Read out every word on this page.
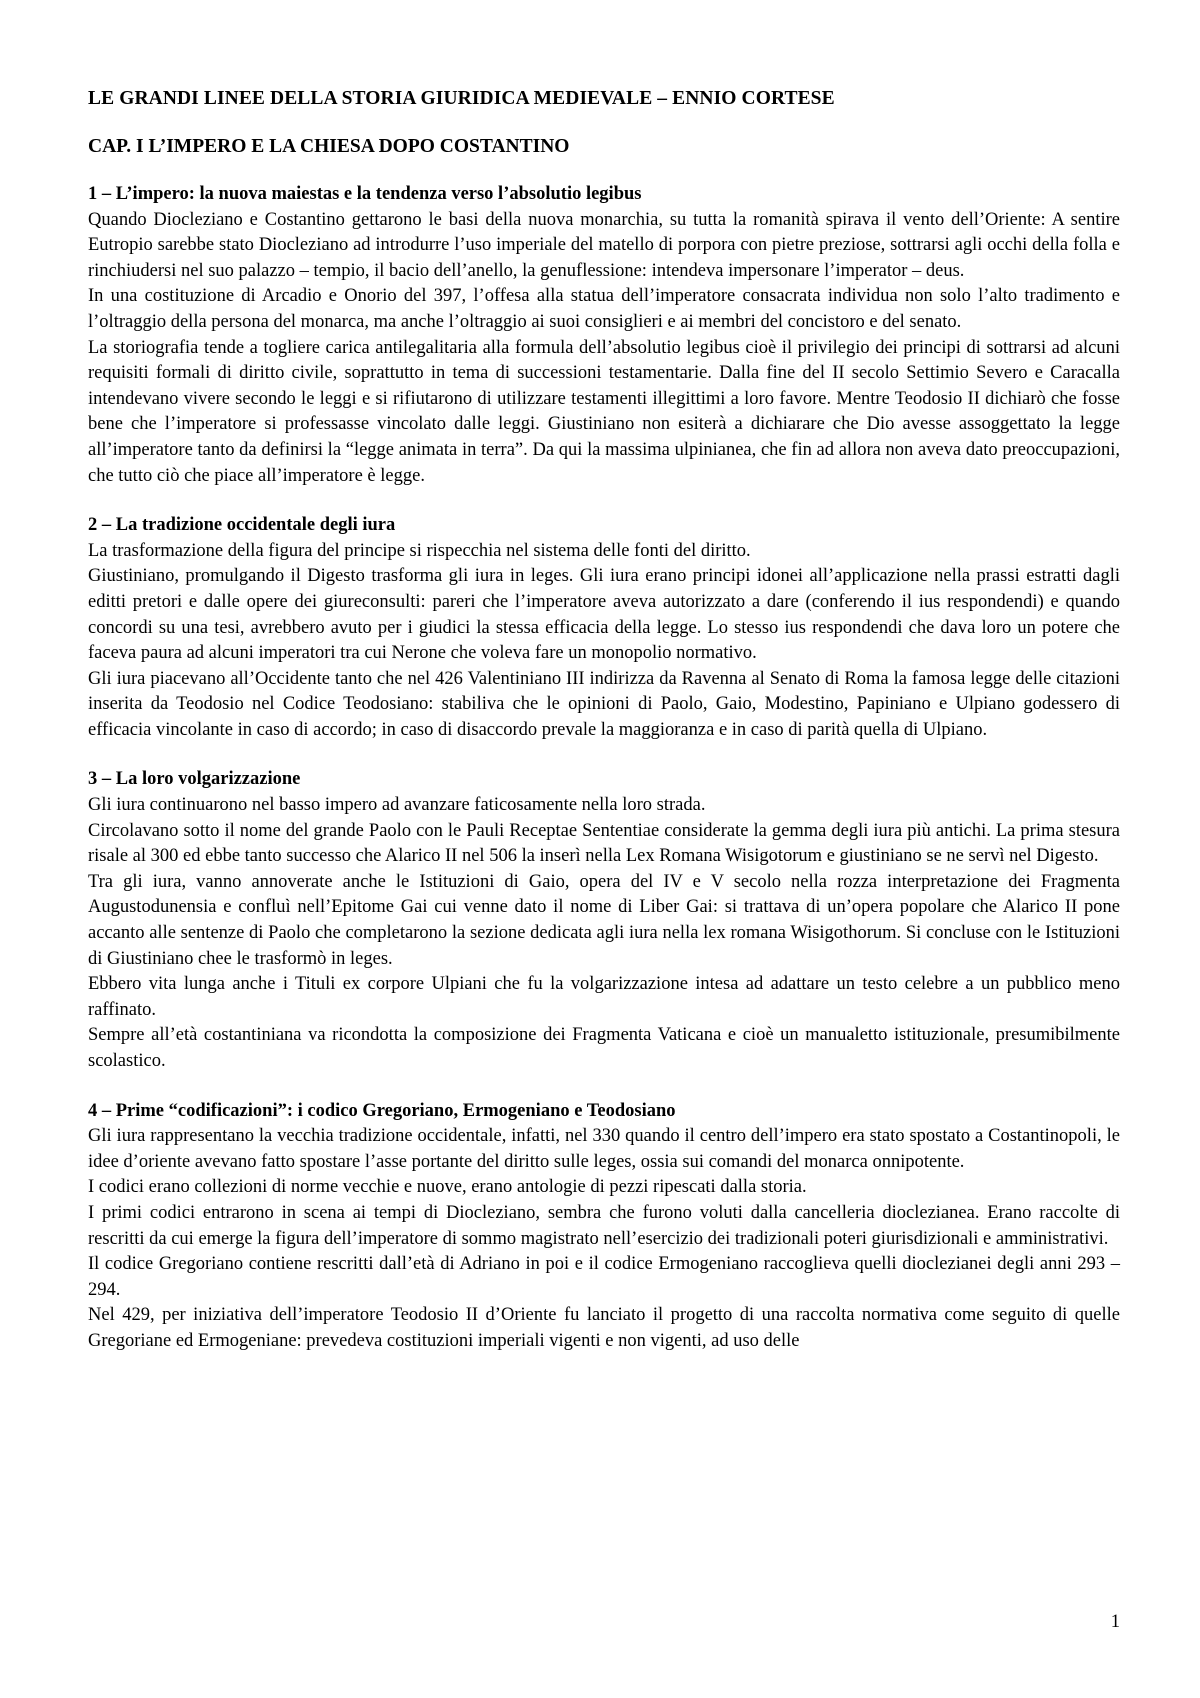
LE GRANDI LINEE DELLA STORIA GIURIDICA MEDIEVALE – ENNIO CORTESE
CAP. I L’IMPERO E LA CHIESA DOPO COSTANTINO
1 – L’impero: la nuova maiestas e la tendenza verso l’absolutio legibus

Quando Diocleziano e Costantino gettarono le basi della nuova monarchia, su tutta la romanità spirava il vento dell’Oriente: A sentire Eutropio sarebbe stato Diocleziano ad introdurre l’uso imperiale del matello di porpora con pietre preziose, sottrarsi agli occhi della folla e rinchiudersi nel suo palazzo – tempio, il bacio dell’anello, la genuflessione: intendeva impersonare l’imperator – deus.

In una costituzione di Arcadio e Onorio del 397, l’offesa alla statua dell’imperatore consacrata individua non solo l’alto tradimento e l’oltraggio della persona del monarca, ma anche l’oltraggio ai suoi consiglieri e ai membri del concistoro e del senato.

La storiografia tende a togliere carica antilegalitaria alla formula dell’absolutio legibus cioè il privilegio dei principi di sottrarsi ad alcuni requisiti formali di diritto civile, soprattutto in tema di successioni testamentarie. Dalla fine del II secolo Settimio Severo e Caracalla intendevano vivere secondo le leggi e si rifiutarono di utilizzare testamenti illegittimi a loro favore. Mentre Teodosio II dichiarò che fosse bene che l’imperatore si professasse vincolato dalle leggi. Giustiniano non esiterà a dichiarare che Dio avesse assoggettato la legge all’imperatore tanto da definirsi la “legge animata in terra”. Da qui la massima ulpinianea, che fin ad allora non aveva dato preoccupazioni, che tutto ciò che piace all’imperatore è legge.

2 – La tradizione occidentale degli iura

La trasformazione della figura del principe si rispecchia nel sistema delle fonti del diritto.

Giustiniano, promulgando il Digesto trasforma gli iura in leges. Gli iura erano principi idonei all’applicazione nella prassi estratti dagli editti pretori e dalle opere dei giureconsulti: pareri che l’imperatore aveva autorizzato a dare (conferendo il ius respondendi) e quando concordi su una tesi, avrebbero avuto per i giudici la stessa efficacia della legge. Lo stesso ius respondendi che dava loro un potere che faceva paura ad alcuni imperatori tra cui Nerone che voleva fare un monopolio normativo.

Gli iura piacevano all’Occidente tanto che nel 426 Valentiniano III indirizza da Ravenna al Senato di Roma la famosa legge delle citazioni inserita da Teodosio nel Codice Teodosiano: stabiliva che le opinioni di Paolo, Gaio, Modestino, Papiniano e Ulpiano godessero di efficacia vincolante in caso di accordo; in caso di disaccordo prevale la maggioranza e in caso di parità quella di Ulpiano.

3 – La loro volgarizzazione

Gli iura continuarono nel basso impero ad avanzare faticosamente nella loro strada.

Circolavano sotto il nome del grande Paolo con le Pauli Receptae Sententiae considerate la gemma degli iura più antichi. La prima stesura risale al 300 ed ebbe tanto successo che Alarico II nel 506 la inserì nella Lex Romana Wisigotorum e giustiniano se ne servì nel Digesto.

Tra gli iura, vanno annoverate anche le Istituzioni di Gaio, opera del IV e V secolo nella rozza interpretazione dei Fragmenta Augustodunensia e confluì nell’Epitome Gai cui venne dato il nome di Liber Gai: si trattava di un’opera popolare che Alarico II pone accanto alle sentenze di Paolo che completarono la sezione dedicata agli iura nella lex romana Wisigothorum. Si concluse con le Istituzioni di Giustiniano chee le trasformò in leges.

Ebbero vita lunga anche i Tituli ex corpore Ulpiani che fu la volgarizzazione intesa ad adattare un testo celebre a un pubblico meno raffinato.

Sempre all’età costantiniana va ricondotta la composizione dei Fragmenta Vaticana e cioè un manualetto istituzionale, presumibilmente scolastico.

4 – Prime “codificazioni”: i codico Gregoriano, Ermogeniano e Teodosiano

Gli iura rappresentano la vecchia tradizione occidentale, infatti, nel 330 quando il centro dell’impero era stato spostato a Costantinopoli, le idee d’oriente avevano fatto spostare l’asse portante del diritto sulle leges, ossia sui comandi del monarca onnipotente.

I codici erano collezioni di norme vecchie e nuove, erano antologie di pezzi ripescati dalla storia.

I primi codici entrarono in scena ai tempi di Diocleziano, sembra che furono voluti dalla cancelleria dioclezianea. Erano raccolte di rescritti da cui emerge la figura dell’imperatore di sommo magistrato nell’esercizio dei tradizionali poteri giurisdizionali e amministrativi.

Il codice Gregoriano contiene rescritti dall’età di Adriano in poi e il codice Ermogeniano raccoglieva quelli dioclezianei degli anni 293 – 294.

Nel 429, per iniziativa dell’imperatore Teodosio II d’Oriente fu lanciato il progetto di una raccolta normativa come seguito di quelle Gregoriane ed Ermogeniane: prevedeva costituzioni imperiali vigenti e non vigenti, ad uso delle

1
